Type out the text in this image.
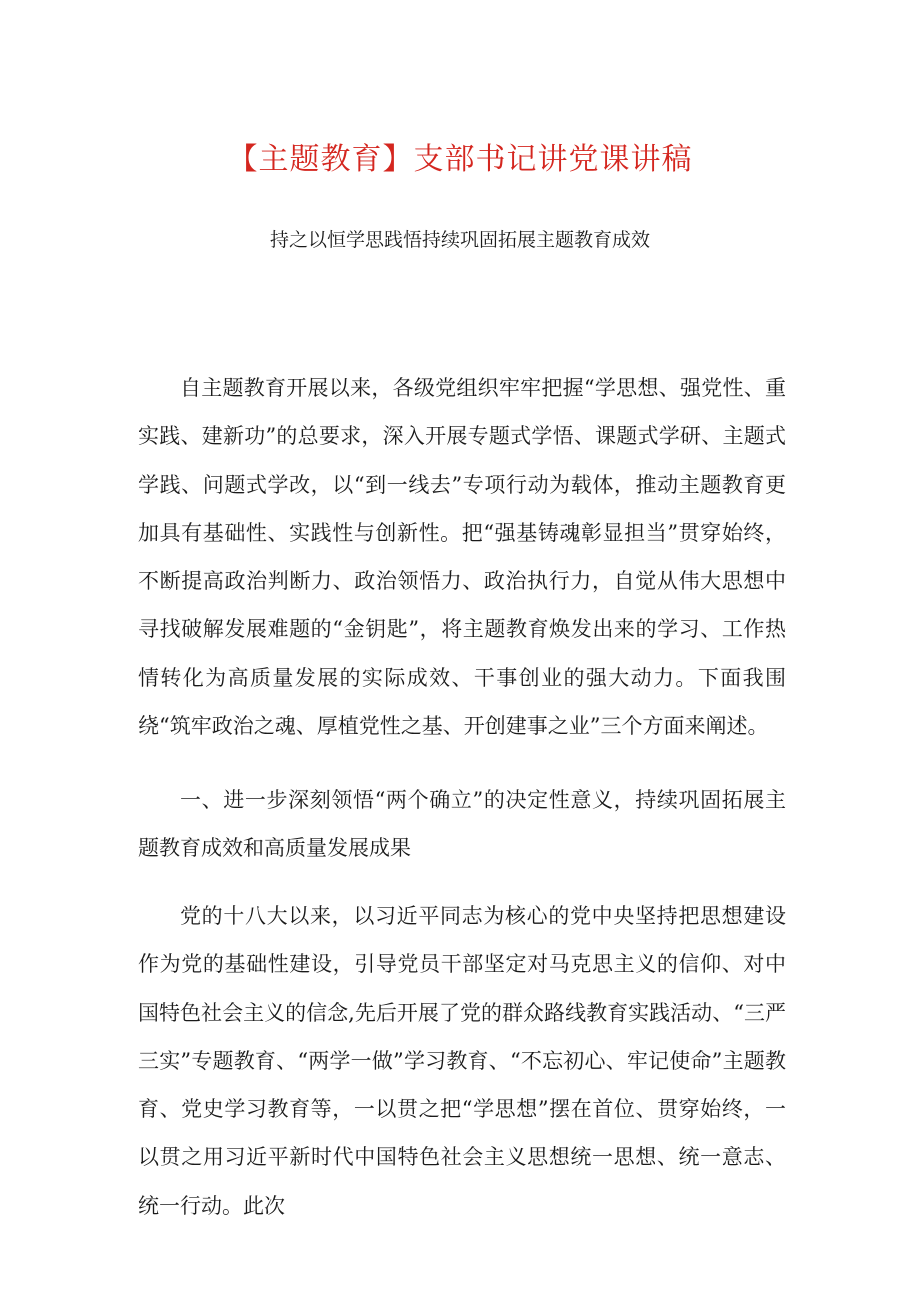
【主题教育】支部书记讲党课讲稿
持之以恒学思践悟持续巩固拓展主题教育成效

自主题教育开展以来，各级党组织牢牢把握“学思想、强党性、重实践、建新功”的总要求，深入开展专题式学悟、课题式学研、主题式学践、问题式学改，以“到一线去”专项行动为载体，推动主题教育更加具有基础性、实践性与创新性。把“强基铸魂彰显担当”贯穿始终，不断提高政治判断力、政治领悟力、政治执行力，自觉从伟大思想中寻找破解发展难题的“金钥匙”，将主题教育焕发出来的学习、工作热情转化为高质量发展的实际成效、干事创业的强大动力。下面我围绕“筑牢政治之魂、厚植党性之基、开创建事之业”三个方面来阐述。

一、进一步深刻领悟“两个确立”的决定性意义，持续巩固拓展主题教育成效和高质量发展成果

党的十八大以来，以习近平同志为核心的党中央坚持把思想建设作为党的基础性建设，引导党员干部坚定对马克思主义的信仰、对中国特色社会主义的信念,先后开展了党的群众路线教育实践活动、“三严三实”专题教育、“两学一做”学习教育、“不忘初心、牢记使命”主题教育、党史学习教育等，一以贯之把“学思想”摆在首位、贯穿始终，一以贯之用习近平新时代中国特色社会主义思想统一思想、统一意志、统一行动。此次
